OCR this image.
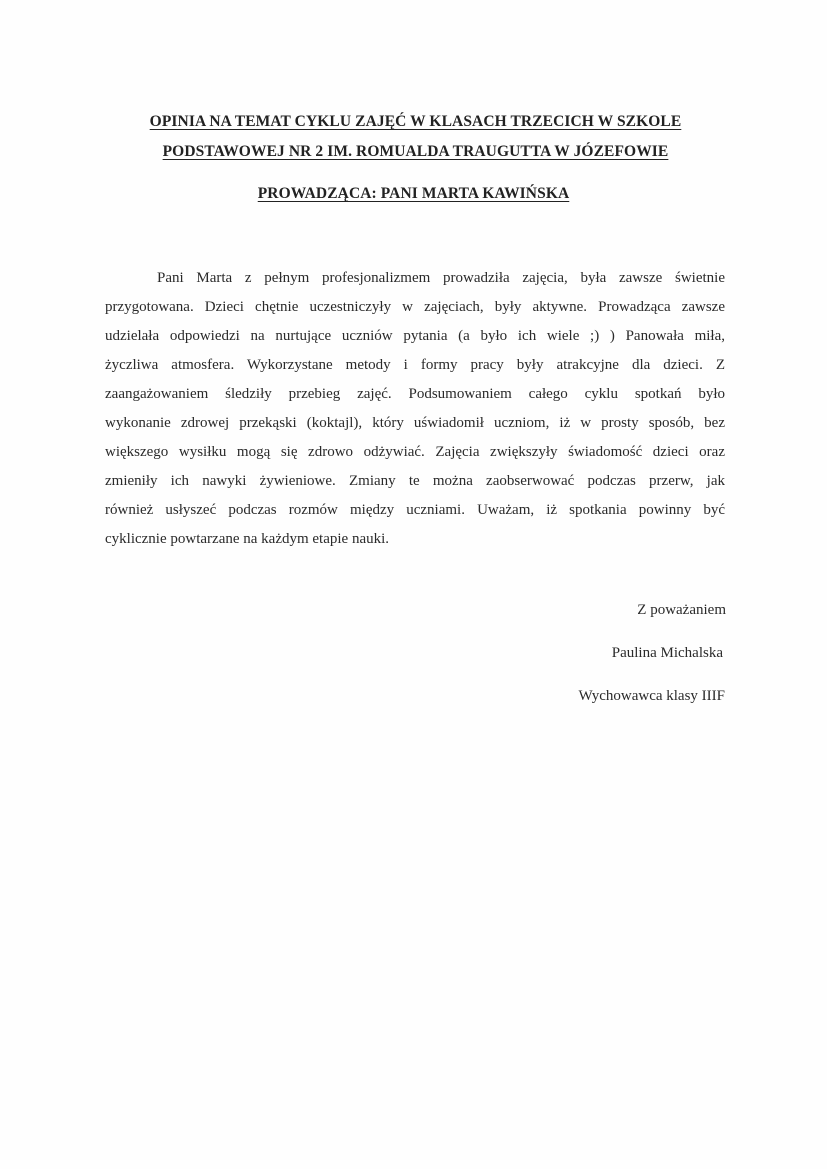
OPINIA NA TEMAT CYKLU ZAJĘĆ W KLASACH TRZECICH W SZKOLE
PODSTAWOWEJ NR 2 IM. ROMUALDA TRAUGUTTA W JÓZEFOWIE
PROWADZĄCA: PANI MARTA KAWIŃSKA
Pani Marta z pełnym profesjonalizmem prowadziła zajęcia, była zawsze świetnie
przygotowana. Dzieci chętnie uczestniczyły w zajęciach, były aktywne. Prowadząca zawsze
udzielała odpowiedzi na nurtujące uczniów pytania (a było ich wiele ;) ) Panowała miła,
życzliwa atmosfera. Wykorzystane metody i formy pracy były atrakcyjne dla dzieci. Z
zaangażowaniem śledziły przebieg zajęć. Podsumowaniem całego cyklu spotkań było
wykonanie zdrowej przekąski (koktajl), który uświadomił uczniom, iż w prosty sposób, bez
większego wysiłku mogą się zdrowo odżywiać. Zajęcia zwiększyły świadomość dzieci oraz
zmieniły ich nawyki żywieniowe. Zmiany te można zaobserwować podczas przerw, jak
również usłyszeć podczas rozmów między uczniami. Uważam, iż spotkania powinny być
cyklicznie powtarzane na każdym etapie nauki.
Z poważaniem
Paulina Michalska
Wychowawca klasy IIIF
